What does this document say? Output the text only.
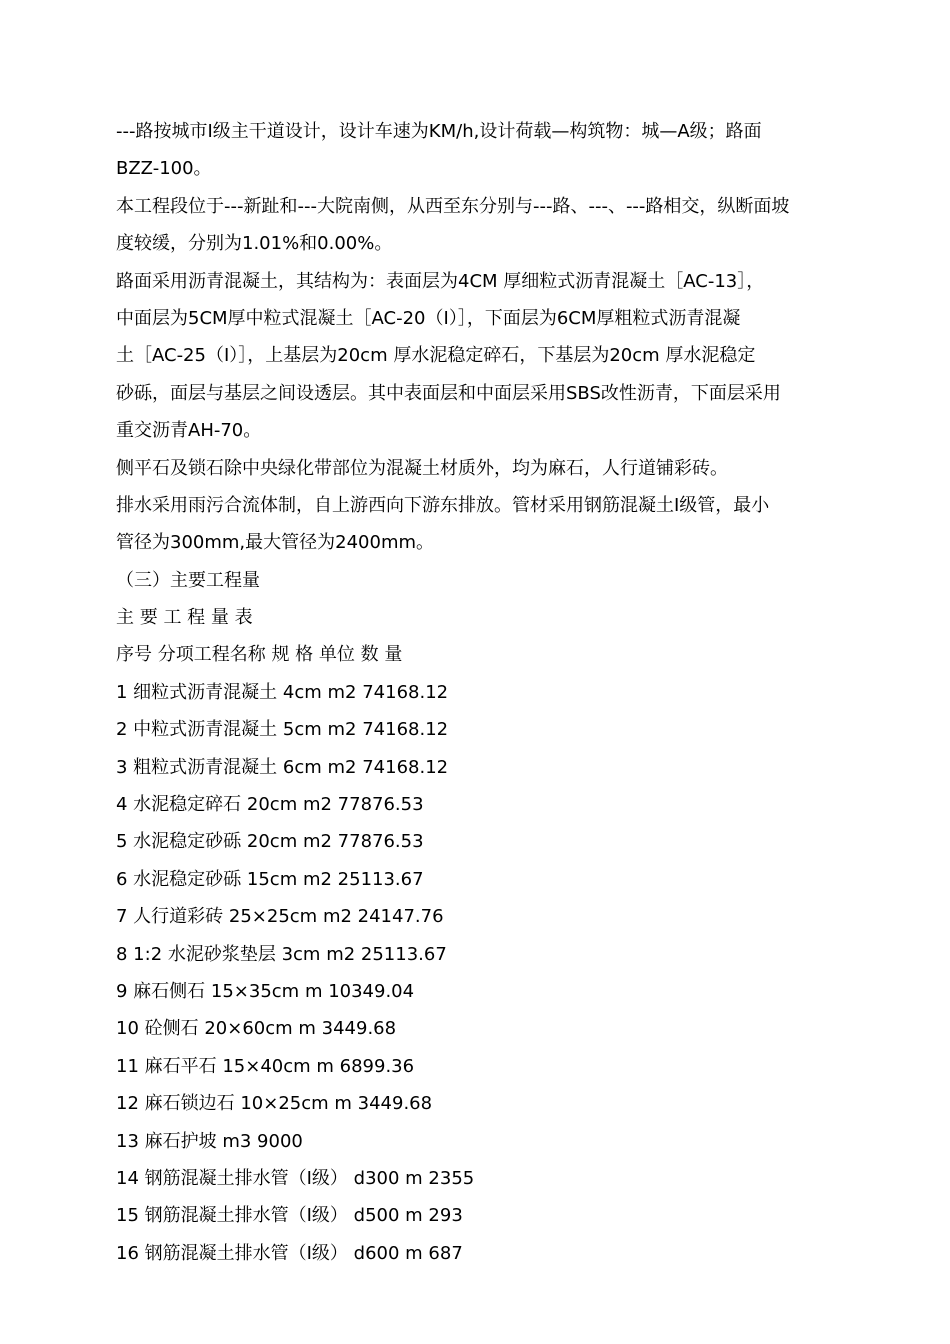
---路按城市Ⅰ级主干道设计，设计车速为KM/h,设计荷载—构筑物：城—A级；路面
BZZ-100。
本工程段位于---新趾和---大院南侧，从西至东分别与---路、---、---路相交，纵断面坡
度较缓，分别为1.01%和0.00%。
路面采用沥青混凝土，其结构为：表面层为4CM 厚细粒式沥青混凝土［AC-13］，
中面层为5CM厚中粒式混凝土［AC-20（I）］，下面层为6CM厚粗粒式沥青混凝
土［AC-25（I）］，上基层为20cm 厚水泥稳定碎石，下基层为20cm 厚水泥稳定
砂砾，面层与基层之间设透层。其中表面层和中面层采用SBS改性沥青，下面层采用
重交沥青AH-70。
侧平石及锁石除中央绿化带部位为混凝土材质外，均为麻石，人行道铺彩砖。
排水采用雨污合流体制，自上游西向下游东排放。管材采用钢筋混凝土I级管，最小
管径为300mm,最大管径为2400mm。
（三）主要工程量
主 要 工 程 量 表
序号 分项工程名称 规 格 单位 数 量
1 细粒式沥青混凝土 4cm m2 74168.12
2 中粒式沥青混凝土 5cm m2 74168.12
3 粗粒式沥青混凝土 6cm m2 74168.12
4 水泥稳定碎石 20cm m2 77876.53
5 水泥稳定砂砾 20cm m2 77876.53
6 水泥稳定砂砾 15cm m2 25113.67
7 人行道彩砖 25×25cm m2 24147.76
8 1:2 水泥砂浆垫层 3cm m2 25113.67
9 麻石侧石 15×35cm m 10349.04
10 砼侧石 20×60cm m 3449.68
11 麻石平石 15×40cm m 6899.36
12 麻石锁边石 10×25cm m 3449.68
13 麻石护坡 m3 9000
14 钢筋混凝土排水管（Ⅰ级） d300 m 2355
15 钢筋混凝土排水管（Ⅰ级） d500 m 293
16 钢筋混凝土排水管（Ⅰ级） d600 m 687
